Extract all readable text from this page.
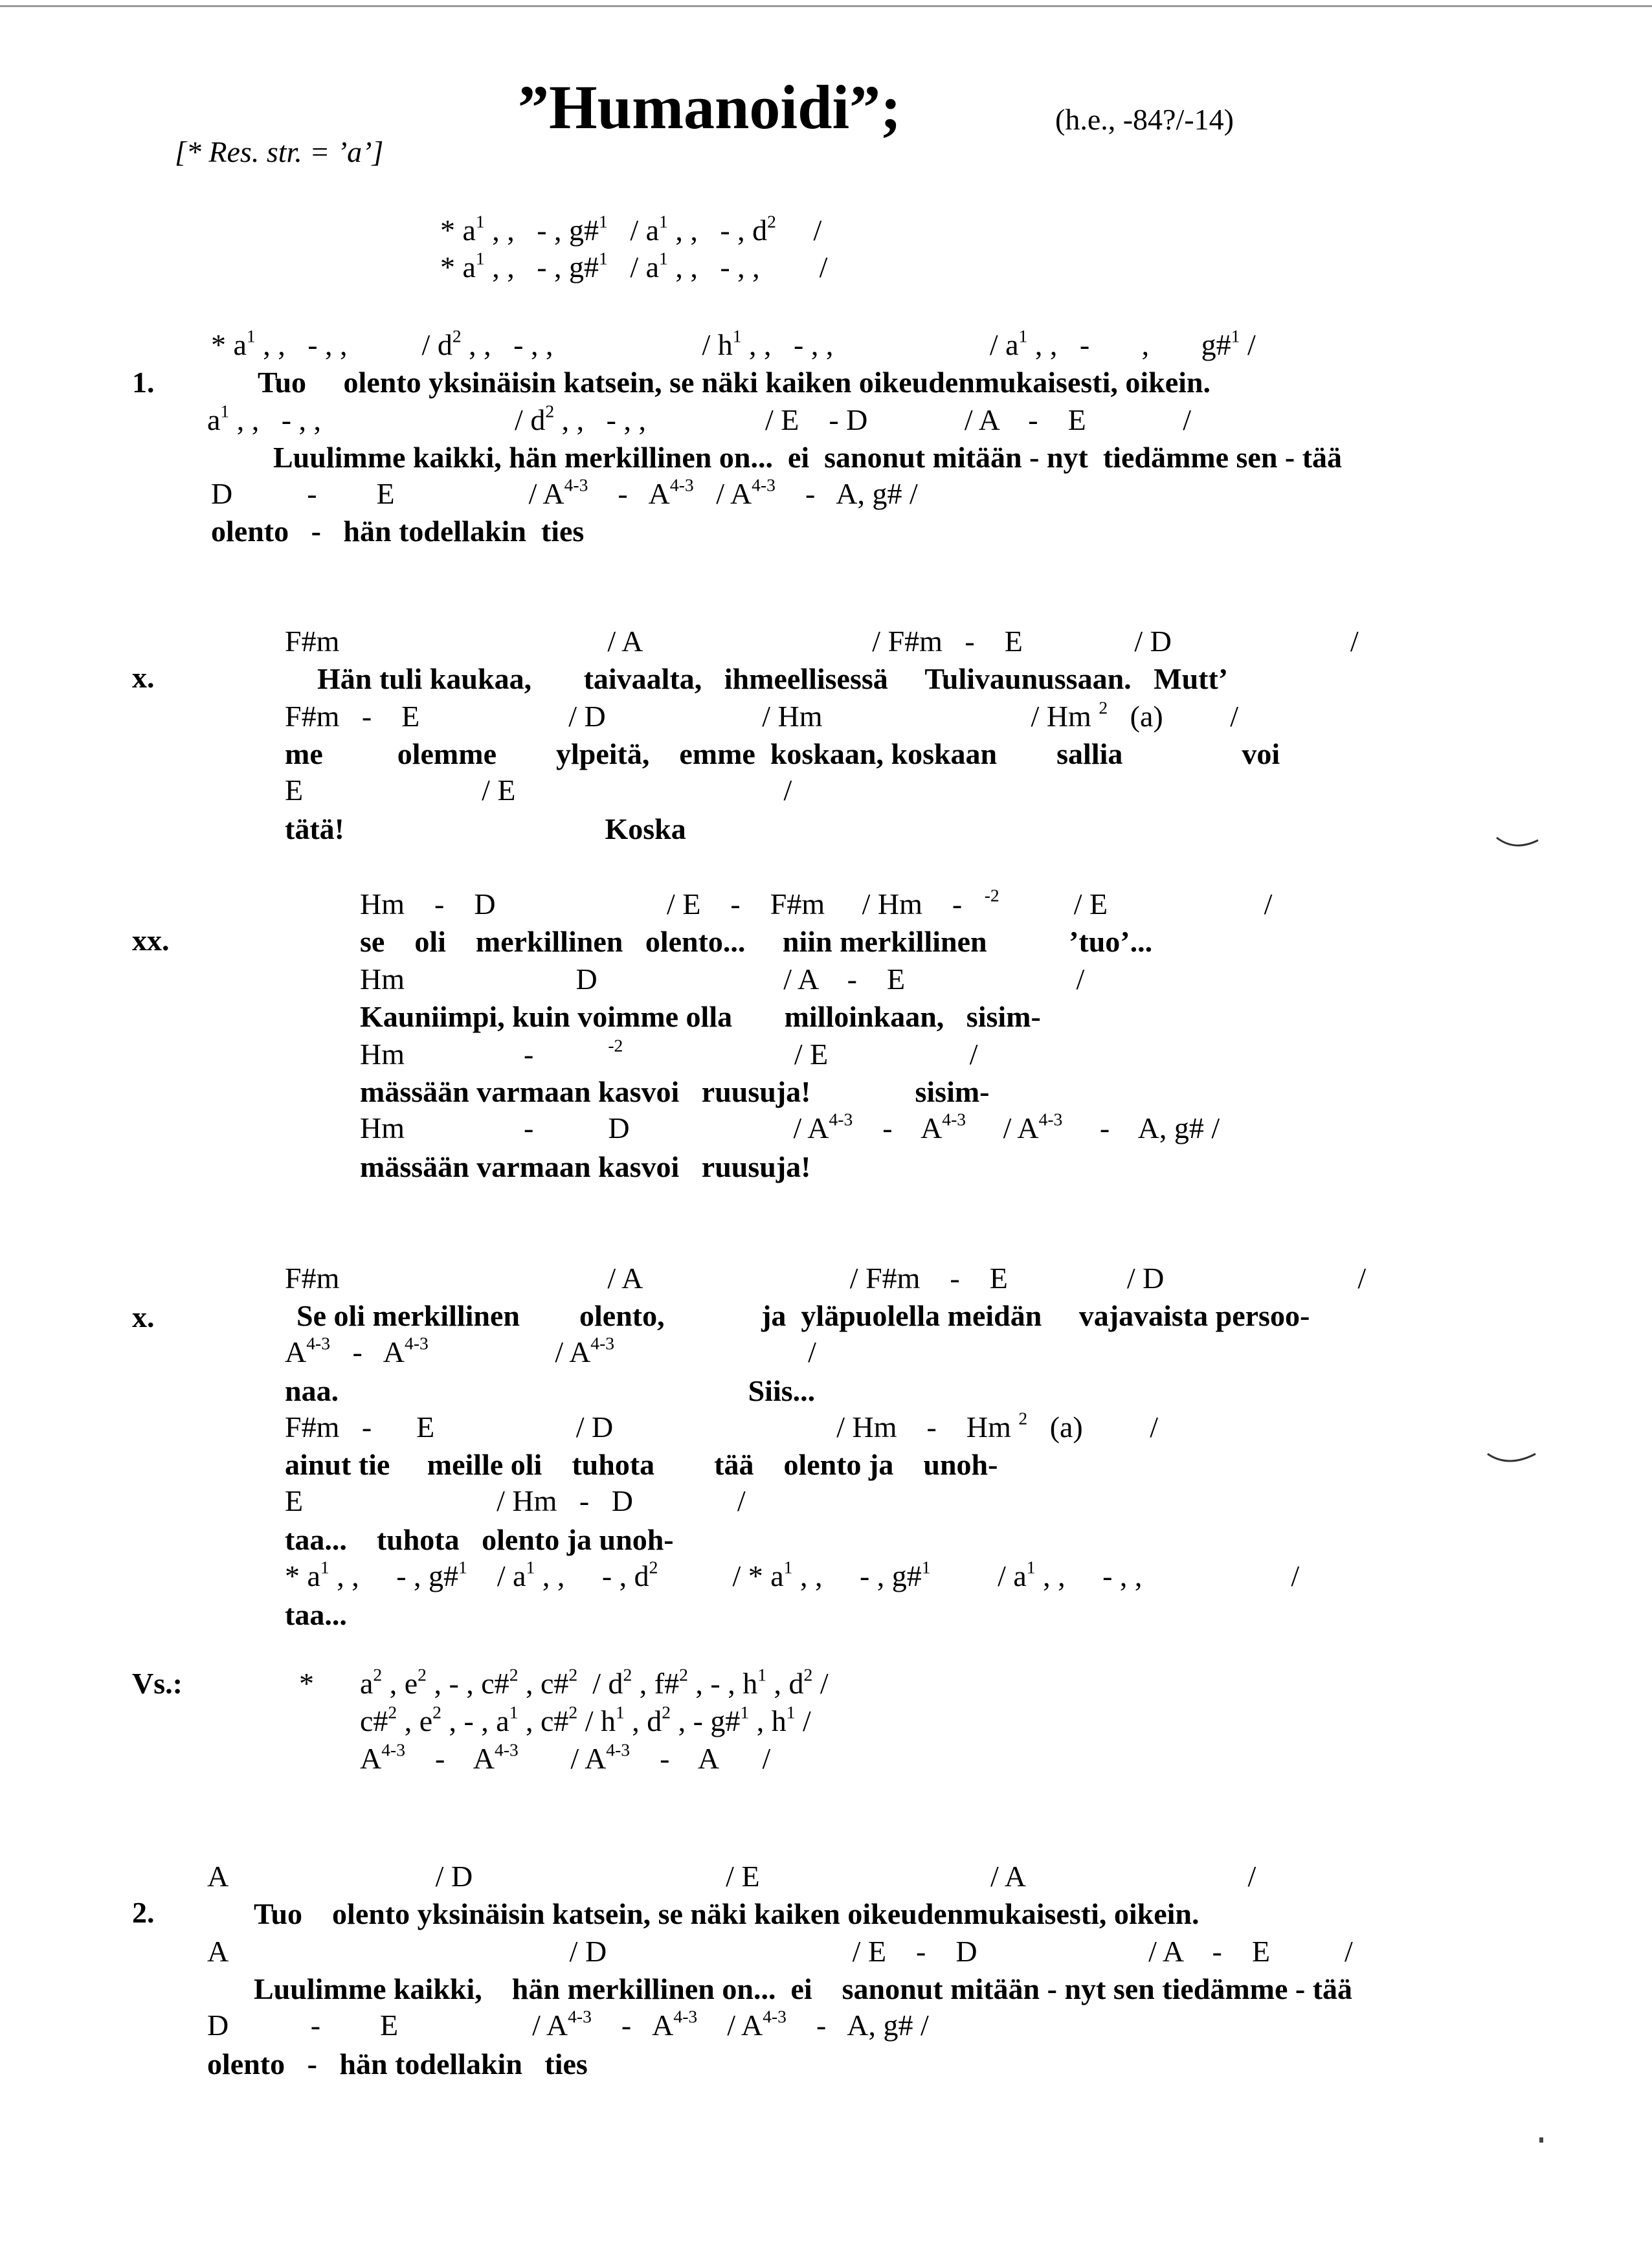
”Humanoidi”;
[* Res. str. = ’a’]
(h.e., -84?/-14)
* $a^1$ , ,   - , g#$^1$   / $a^1$ , ,   - , $d^2$     /
* $a^1$ , ,   - , g#$^1$   / $a^1$ , ,   - , ,        /
1.
* $a^1$ , ,   - , ,          / $d^2$ , ,   - , ,                    / $h^1$ , ,   - , ,                     / $a^1$ , ,   -       ,       g#$^1$ /
Tuo     olento yksinäisin katsein, se näki kaiken oikeudenmukaisesti, oikein.
$a^1$ , ,   - , ,                          / $d^2$ , ,   - , ,                / E    - D             / A    -    E             /
Luulimme kaikki, hän merkillinen on...  ei  sanonut mitään - nyt  tiedämme sen - tää
D          -        E                  / $A^{4-3}$    -   $A^{4-3} / A^{4-3}$    -   A, g# /
olento   -   hän todellakin  ties
x.
F#m                                    / A                               / F#m   -    E               / D                        /
Hän tuli kaukaa,       taivaalta,   ihmeellisessä     Tulivaunussaan.   Mutt’
F#m   -    E                    / D                     / Hm                            / Hm $^2$   (a)         /
me          olemme        ylpeitä,    emme  koskaan, koskaan        sallia                voi
E                        / E                                    /
tätä!                                   Koska
xx.
Hm    -    D                       / E    -    F#m     / Hm    -   $^{-2}$          / E                     /
se    oli    merkillinen   olento...     niin merkillinen           ’tuo’...
Hm                       D                         / A    -    E                       /
Kauniimpi, kuin voimme olla       milloinkaan,   sisim-
Hm                -          $^{-2}$                       / E                   /
mässään varmaan kasvoi   ruusuja!              sisim-
Hm                -          D                      / $A^{4-3}$    -    $A^{4-3}$     / $A^{4-3}$     -    A, g# /
mässään varmaan kasvoi   ruusuja!
x.
F#m                                    / A                            / F#m    -    E                / D                          /
Se oli merkillinen        olento,             ja  yläpuolella meidän     vajavaista persoo-
$A^{4-3} - A^{4-3}$                 / $A^{4-3}$                          /
naa.                                                       Siis...
F#m   -      E                   / D                              / Hm    -    Hm $^2$   (a)         /
ainut tie     meille oli    tuhota        tää    olento ja    unoh-
E                          / Hm   -   D              /
taa...    tuhota   olento ja unoh-
* $a^1$ , ,     - , g#$^1$    / $a^1$ , ,     - , $d^2$          / * $a^1$ , ,     - , g#$^1$         / $a^1$ , ,     - , ,                    /
taa...
Vs.:	* $a^2$ , $e^2$ , - , c#$^2$ , c#$^2$  / $d^2$ , f#$^2$ , - , $h^1$ , $d^2$ /
c#$^2$ , $e^2$ , - , $a^1$ , c#$^2$ / $h^1$ , $d^2$ , - g#$^1$ , $h^1$ /
$A^{4-3}$    -    $A^{4-3}$       / $A^{4-3}$    -    A      /
2.
A                            / D                                  / E                               / A                              /
Tuo    olento yksinäisin katsein, se näki kaiken oikeudenmukaisesti, oikein.
A                                              / D                                 / E    -    D                       / A    -    E          /
Luulimme kaikki,    hän merkillinen on...  ei    sanonut mitään - nyt sen tiedämme - tää
D           -        E                  / $A^{4-3}$    -   $A^{4-3}$    / $A^{4-3}$    -   A, g# /
olento   -   hän todellakin   ties
